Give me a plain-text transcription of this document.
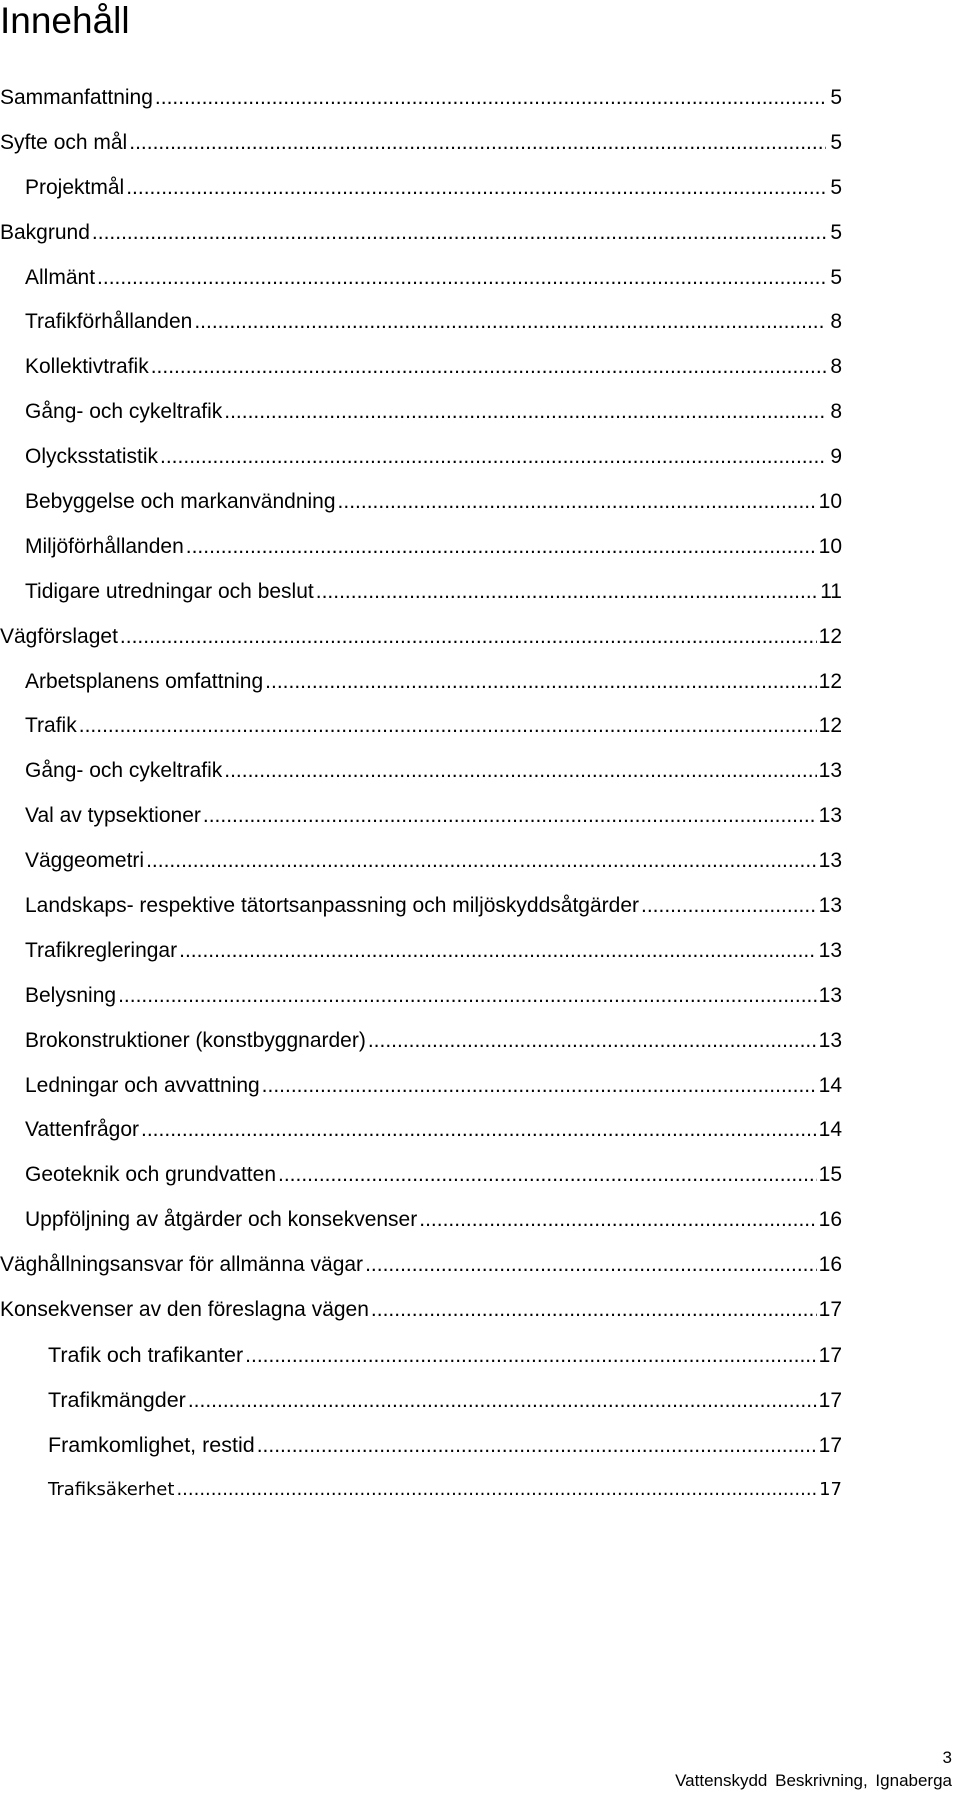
Innehåll
Sammanfattning .....	5
Syfte och mål .....	5
Projektmål .....	5
Bakgrund .....	5
Allmänt .....	5
Trafikförhållanden .....	8
Kollektivtrafik .....	8
Gång- och cykeltrafik .....	8
Olycksstatistik .....	9
Bebyggelse och markanvändning .....	10
Miljöförhållanden .....	10
Tidigare utredningar och beslut .....	11
Vägförslaget .....	12
Arbetsplanens omfattning .....	12
Trafik .....	12
Gång- och cykeltrafik .....	13
Val av typsektioner .....	13
Väggeometri .....	13
Landskaps- respektive tätortsanpassning och miljöskyddsåtgärder .....	13
Trafikregleringar .....	13
Belysning .....	13
Brokonstruktioner (konstbyggnarder) .....	13
Ledningar och avvattning .....	14
Vattenfrågor .....	14
Geoteknik och grundvatten .....	15
Uppföljning av åtgärder och konsekvenser .....	16
Väghållningsansvar för allmänna vägar .....	16
Konsekvenser av den föreslagna vägen .....	17
Trafik och trafikanter .....	17
Trafikmängder .....	17
Framkomlighet, restid .....	17
Trafiksäkerhet .....	17
3
Vattenskydd Beskrivning, Ignaberga
